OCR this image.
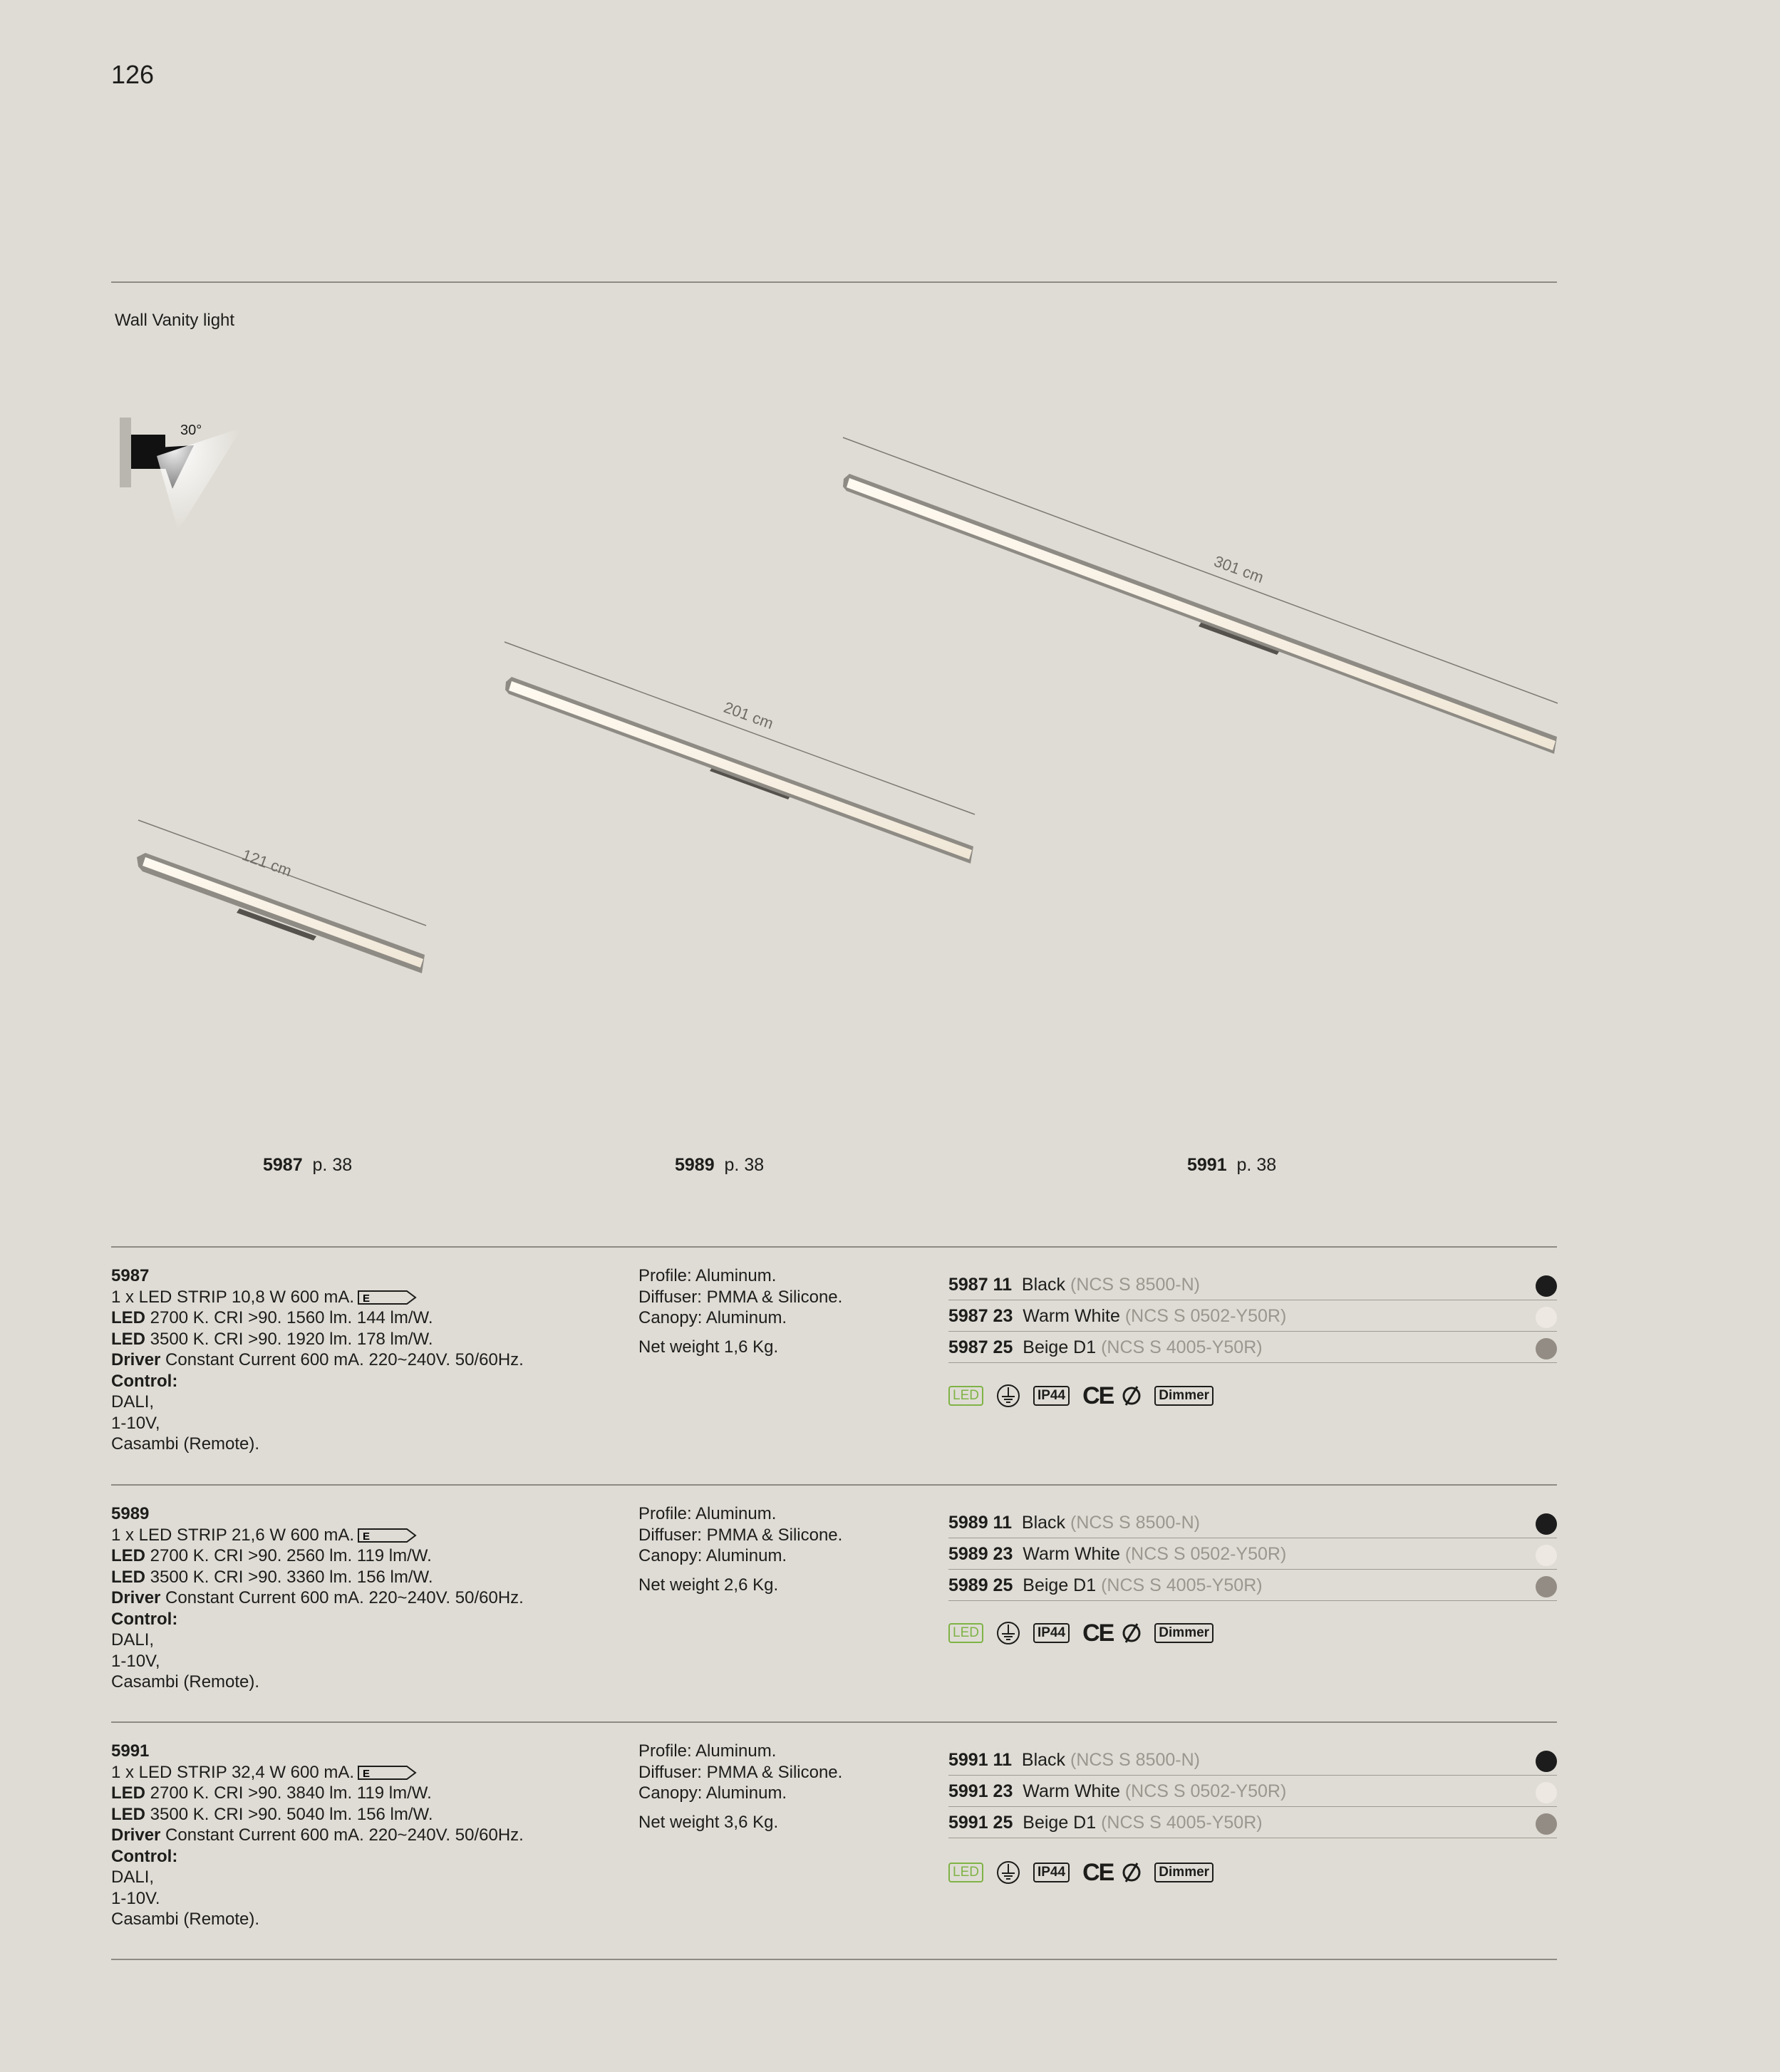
126
Wall Vanity light
30°
121 cm
201 cm
301 cm
5987 p. 38	5989 p. 38	5991 p. 38
5987
1 x LED STRIP 10,8 W 600 mA. E
LED 2700 K. CRI >90. 1560 lm. 144 lm/W.
LED 3500 K. CRI >90. 1920 lm. 178 lm/W.
Driver Constant Current 600 mA. 220~240V. 50/60Hz.
Control:
DALI,
1-10V,
Casambi (Remote).
Profile: Aluminum.
Diffuser: PMMA & Silicone.
Canopy: Aluminum.
Net weight 1,6 Kg.
5987 11 Black (NCS S 8500-N)
5987 23 Warm White (NCS S 0502-Y50R)
5987 25 Beige D1 (NCS S 4005-Y50R)
LED	IP44 CE	Dimmer
5989
1 x LED STRIP 21,6 W 600 mA. E
LED 2700 K. CRI >90. 2560 lm. 119 lm/W.
LED 3500 K. CRI >90. 3360 lm. 156 lm/W.
Driver Constant Current 600 mA. 220~240V. 50/60Hz.
Control:
DALI,
1-10V,
Casambi (Remote).
Profile: Aluminum.
Diffuser: PMMA & Silicone.
Canopy: Aluminum.
Net weight 2,6 Kg.
5989 11 Black (NCS S 8500-N)
5989 23 Warm White (NCS S 0502-Y50R)
5989 25 Beige D1 (NCS S 4005-Y50R)
LED	IP44 CE	Dimmer
5991
1 x LED STRIP 32,4 W 600 mA. E
LED 2700 K. CRI >90. 3840 lm. 119 lm/W.
LED 3500 K. CRI >90. 5040 lm. 156 lm/W.
Driver Constant Current 600 mA. 220~240V. 50/60Hz.
Control:
DALI,
1-10V.
Casambi (Remote).
Profile: Aluminum.
Diffuser: PMMA & Silicone.
Canopy: Aluminum.
Net weight 3,6 Kg.
5991 11 Black (NCS S 8500-N)
5991 23 Warm White (NCS S 0502-Y50R)
5991 25 Beige D1 (NCS S 4005-Y50R)
LED	IP44 CE	Dimmer
